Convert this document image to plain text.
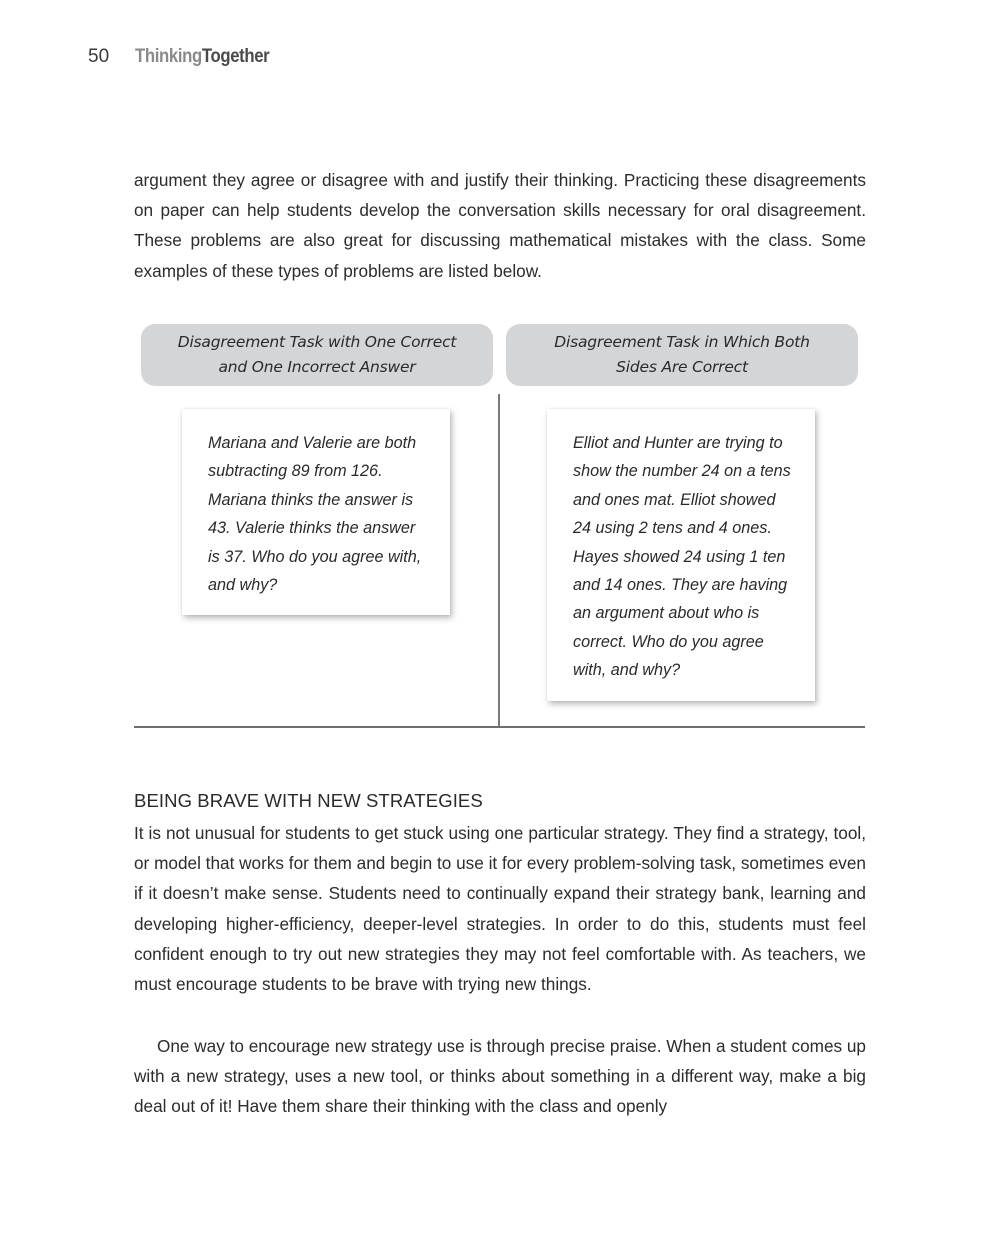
50 ThinkingTogether

argument they agree or disagree with and justify their thinking. Practicing these disagreements on paper can help students develop the conversation skills necessary for oral disagreement. These problems are also great for discussing mathematical mistakes with the class. Some examples of these types of problems are listed below.

Disagreement Task with One Correct and One Incorrect Answer
Disagreement Task in Which Both Sides Are Correct

Mariana and Valerie are both subtracting 89 from 126. Mariana thinks the answer is 43. Valerie thinks the answer is 37. Who do you agree with, and why?

Elliot and Hunter are trying to show the number 24 on a tens and ones mat. Elliot showed 24 using 2 tens and 4 ones. Hayes showed 24 using 1 ten and 14 ones. They are having an argument about who is correct. Who do you agree with, and why?

BEING BRAVE WITH NEW STRATEGIES

It is not unusual for students to get stuck using one particular strategy. They find a strategy, tool, or model that works for them and begin to use it for every problem-solving task, sometimes even if it doesn’t make sense. Students need to continually expand their strategy bank, learning and developing higher-efficiency, deeper-level strategies. In order to do this, students must feel confident enough to try out new strategies they may not feel comfortable with. As teachers, we must encourage students to be brave with trying new things.

One way to encourage new strategy use is through precise praise. When a student comes up with a new strategy, uses a new tool, or thinks about something in a different way, make a big deal out of it! Have them share their thinking with the class and openly
